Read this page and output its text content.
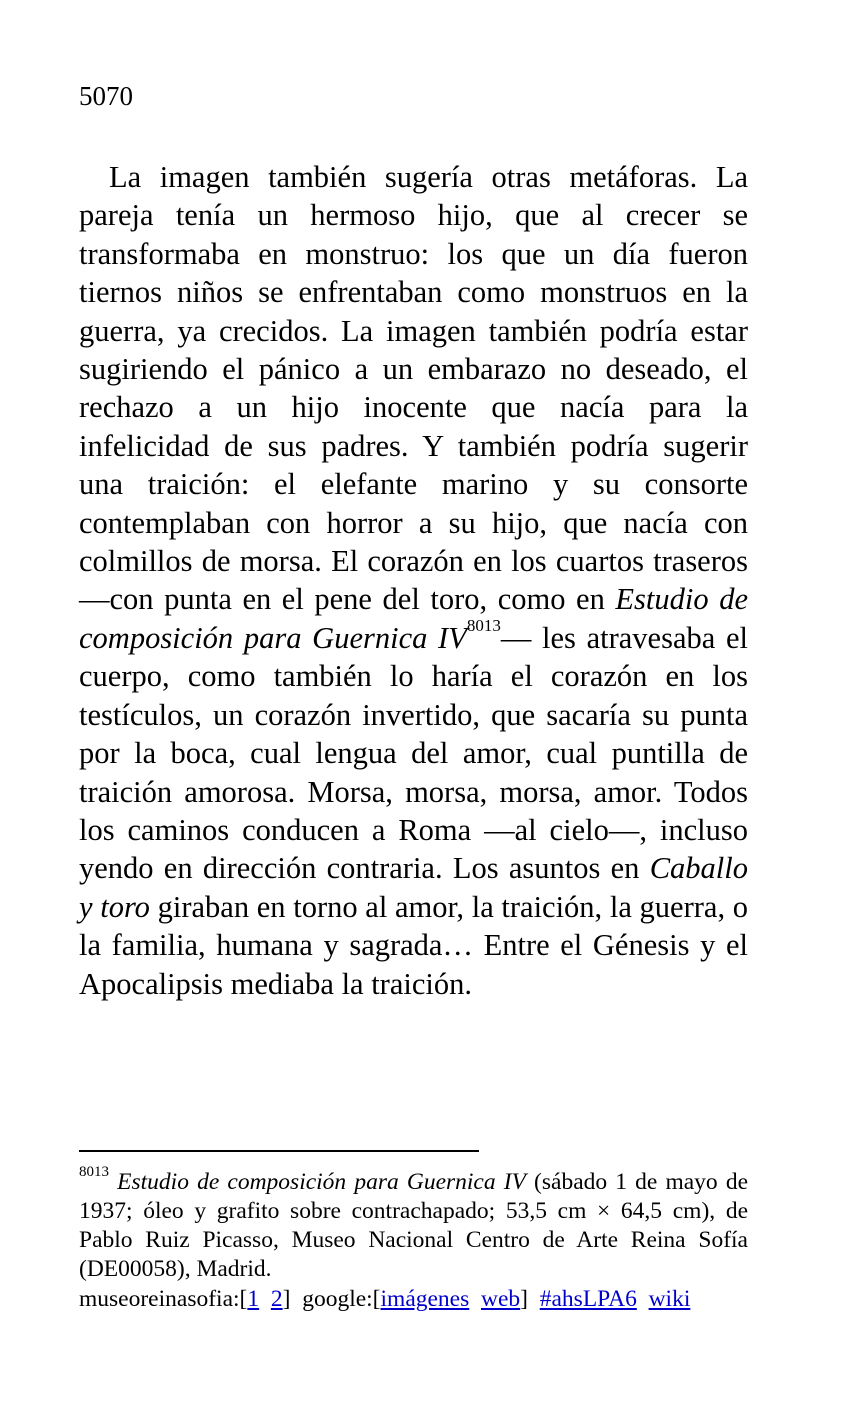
5070

La imagen también sugería otras metáforas. La pareja tenía un hermoso hijo, que al crecer se transformaba en monstruo: los que un día fueron tiernos niños se enfrentaban como monstruos en la guerra, ya crecidos. La imagen también podría estar sugiriendo el pánico a un embarazo no deseado, el rechazo a un hijo inocente que nacía para la infelicidad de sus padres. Y también podría sugerir una traición: el elefante marino y su consorte contemplaban con horror a su hijo, que nacía con colmillos de morsa. El corazón en los cuartos traseros —con punta en el pene del toro, como en Estudio de composición para Guernica IV$^{8013}$— les atravesaba el cuerpo, como también lo haría el corazón en los testículos, un corazón invertido, que sacaría su punta por la boca, cual lengua del amor, cual puntilla de traición amorosa. Morsa, morsa, morsa, amor. Todos los caminos conducen a Roma —al cielo—, incluso yendo en dirección contraria. Los asuntos en Caballo y toro giraban en torno al amor, la traición, la guerra, o la familia, humana y sagrada… Entre el Génesis y el Apocalipsis mediaba la traición.

$^{8013}$ Estudio de composición para Guernica IV (sábado 1 de mayo de 1937; óleo y grafito sobre contrachapado; 53,5 cm × 64,5 cm), de Pablo Ruiz Picasso, Museo Nacional Centro de Arte Reina Sofía (DE00058), Madrid.

museoreinasofia:[1 2] google:[imágenes web] #ahsLPA6 wiki
